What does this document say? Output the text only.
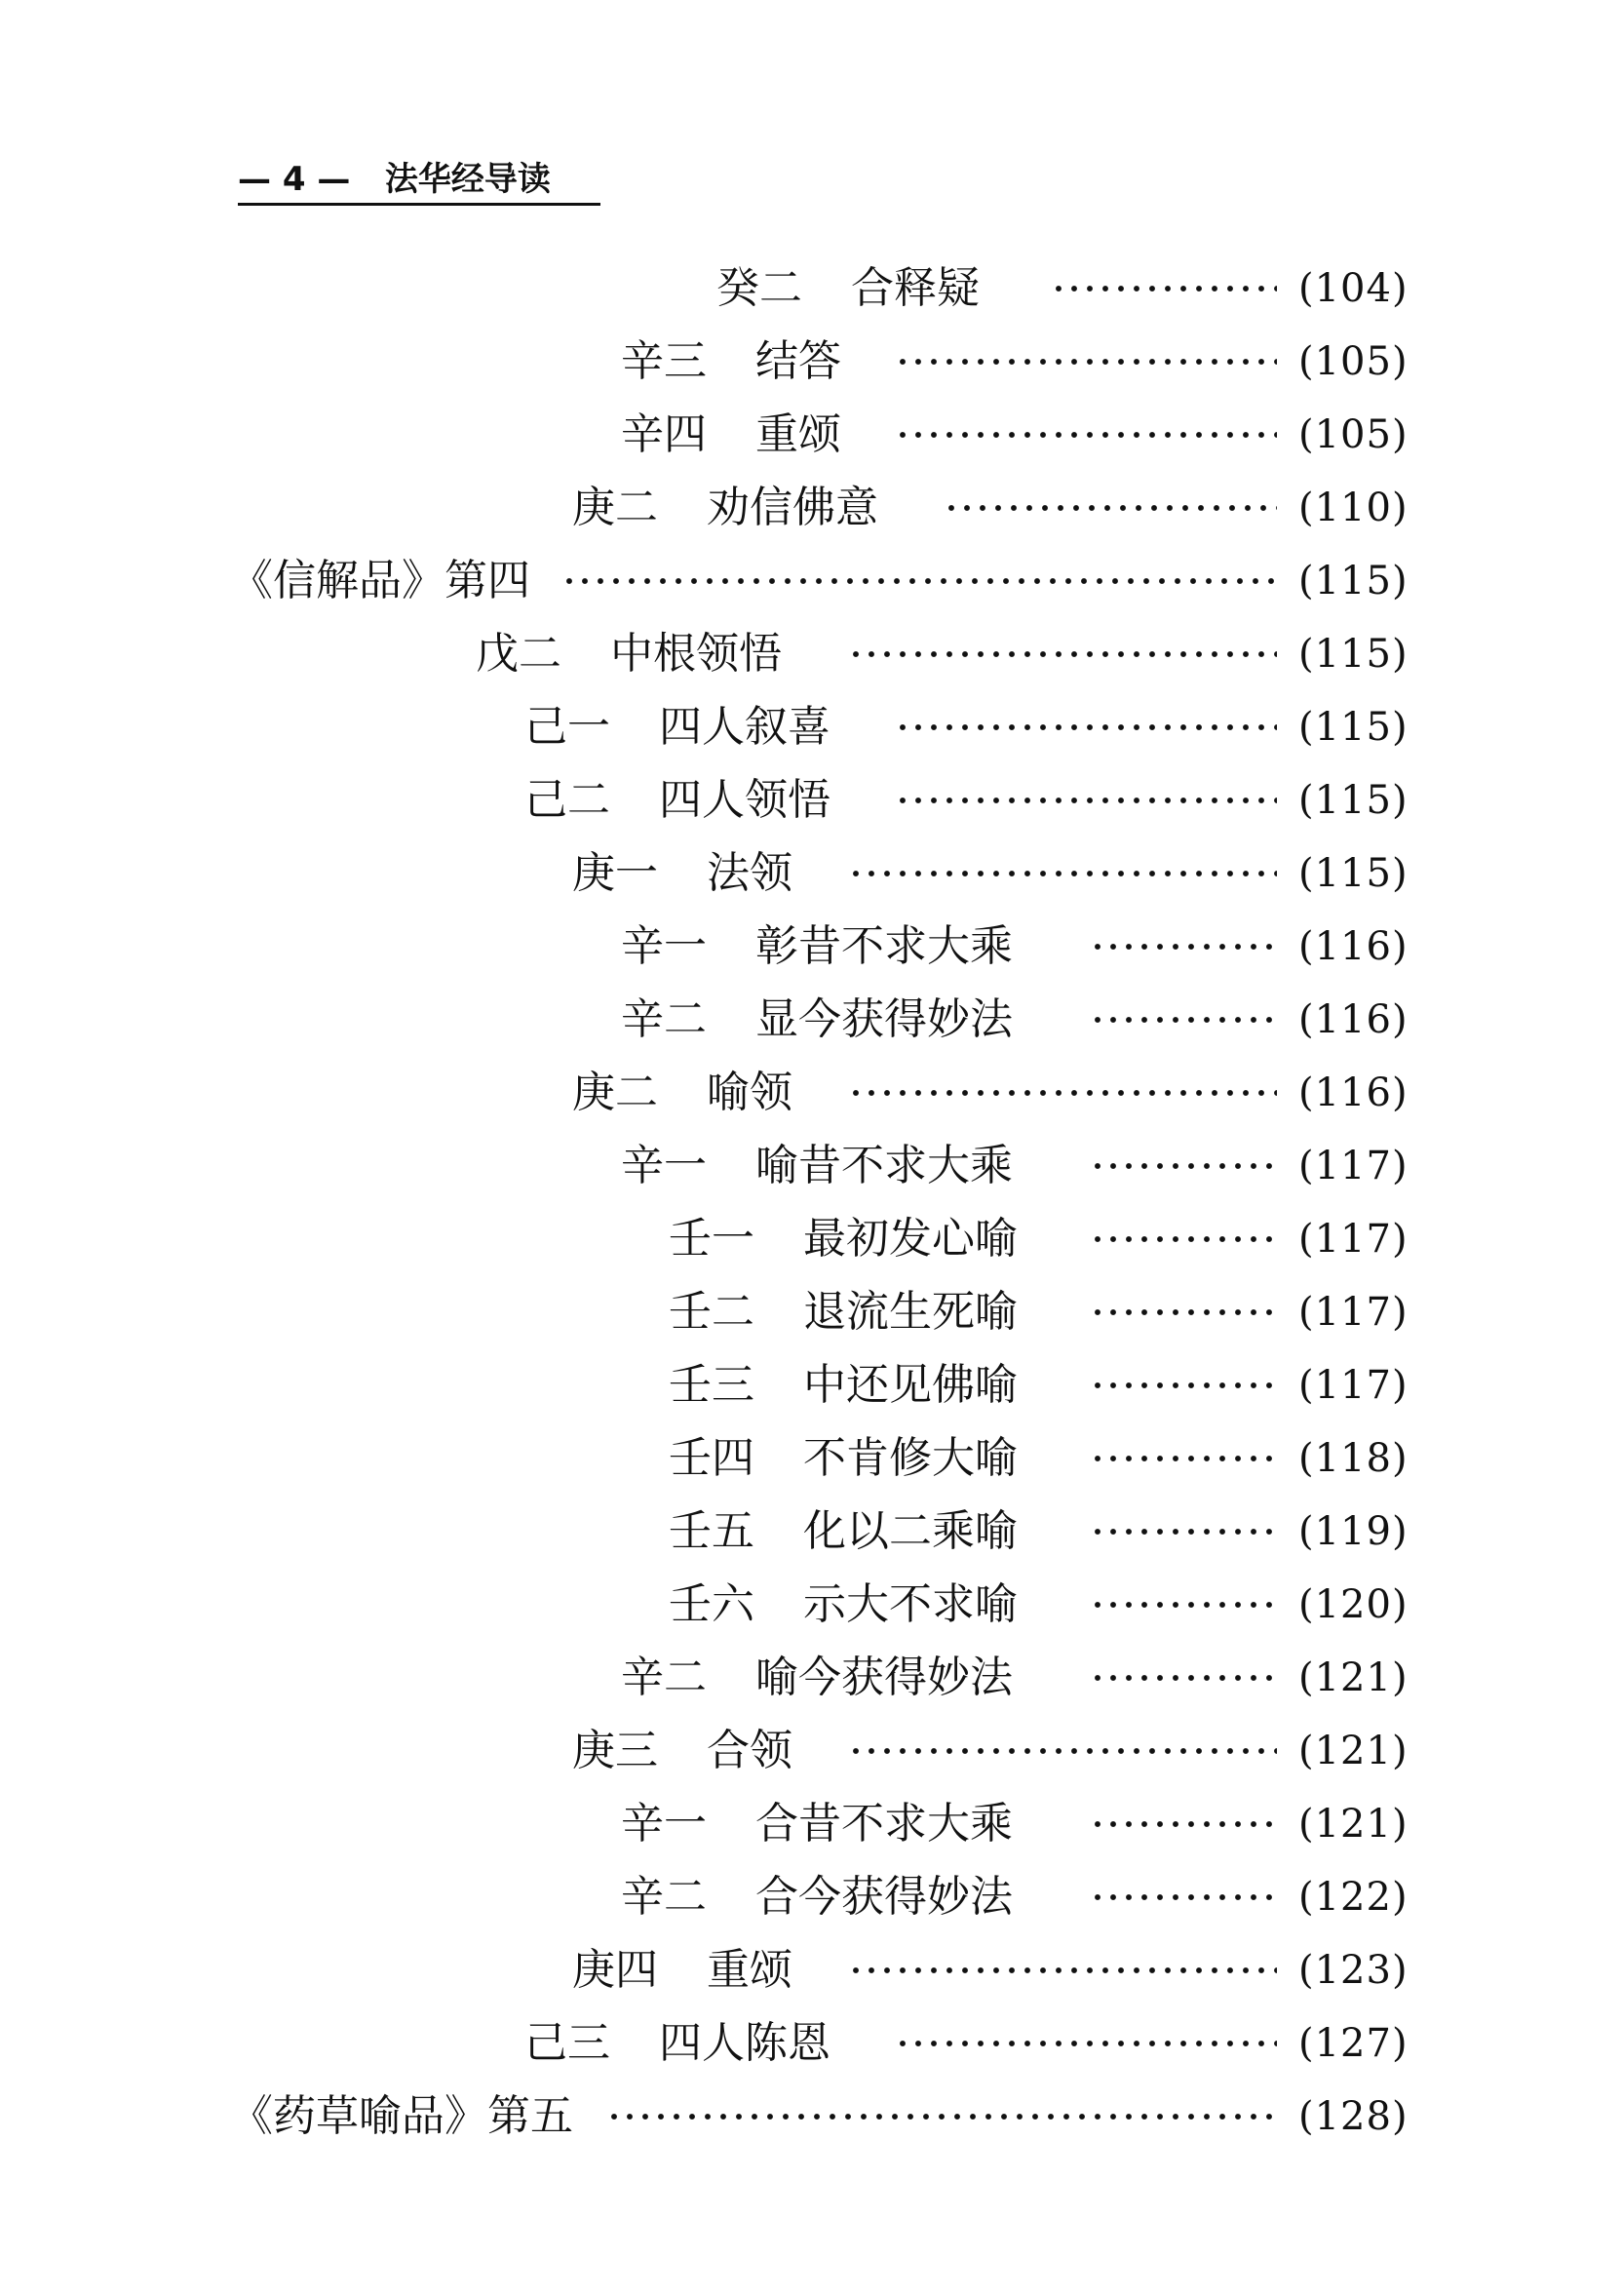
— 4 — 法华经导读
癸二 合释疑	(104)
辛三 结答	(105)
辛四 重颂	(105)
庚二 劝信佛意	(110)
《信解品》第四	(115)
戊二 中根领悟	(115)
己一 四人叙喜	(115)
己二 四人领悟	(115)
庚一 法领	(115)
辛一 彰昔不求大乘	(116)
辛二 显今获得妙法	(116)
庚二 喻领	(116)
辛一 喻昔不求大乘	(117)
壬一 最初发心喻	(117)
壬二 退流生死喻	(117)
壬三 中还见佛喻	(117)
壬四 不肯修大喻	(118)
壬五 化以二乘喻	(119)
壬六 示大不求喻	(120)
辛二 喻今获得妙法	(121)
庚三 合领	(121)
辛一 合昔不求大乘	(121)
辛二 合今获得妙法	(122)
庚四 重颂	(123)
己三 四人陈恩	(127)
《药草喻品》第五	(128)
